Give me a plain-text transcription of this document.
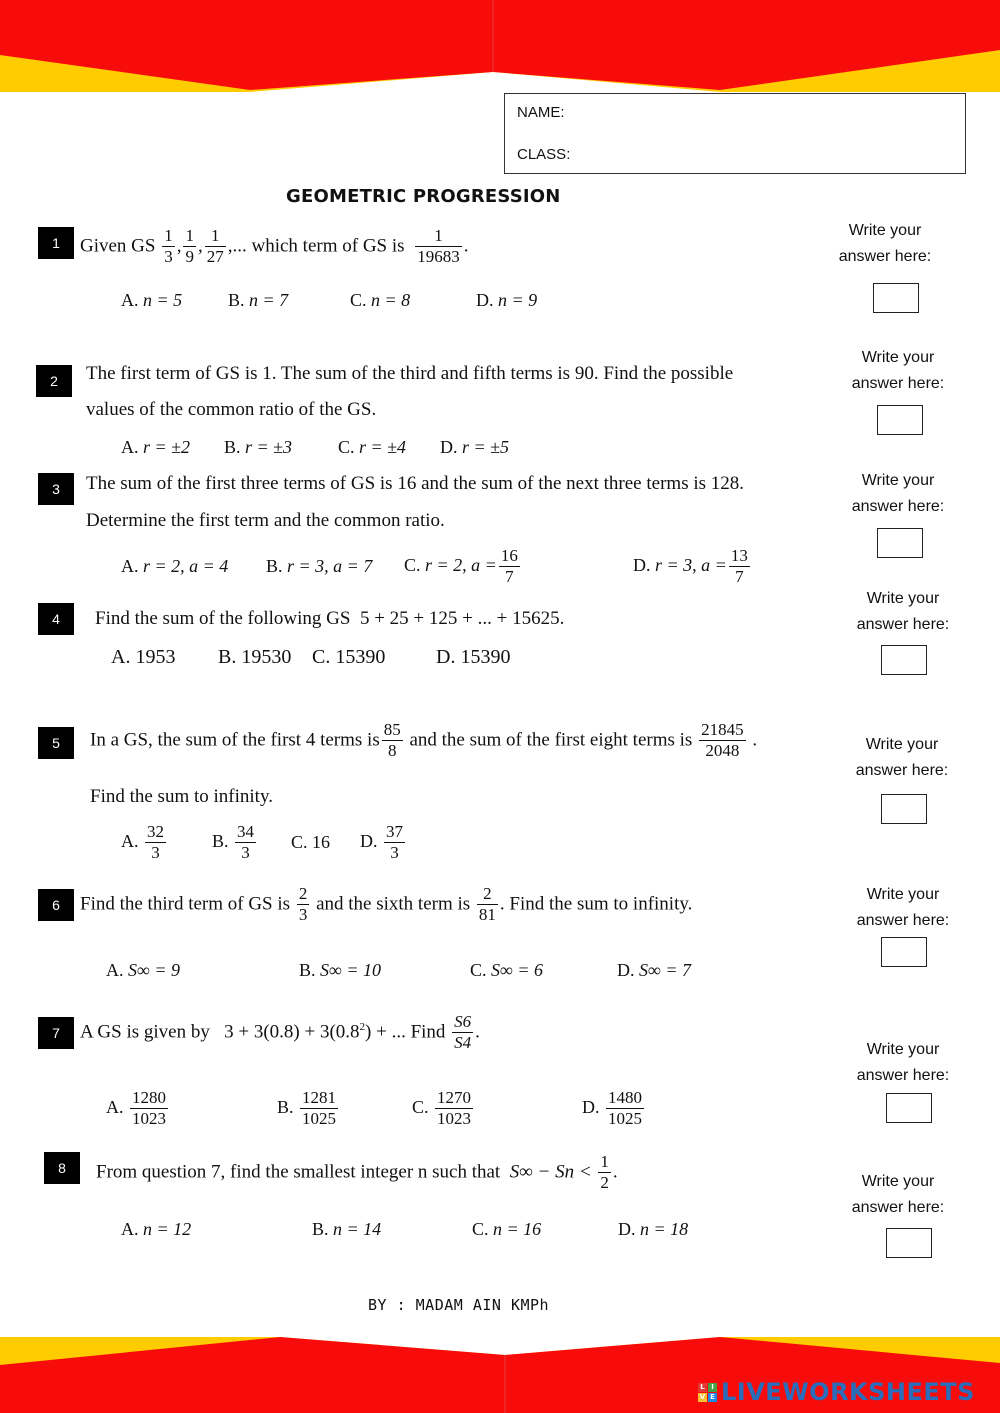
NAME:
CLASS:
GEOMETRIC PROGRESSION
1	Given GS $\frac{1}{3}$ , $\frac{1}{9}$ , $\frac{1}{27}$ ,... which term of GS is $\frac{1}{19683}$ .
A. n = 5	B. n = 7	C. n = 8	D. n = 9
Write your
answer here:
2	The first term of GS is 1. The sum of the third and fifth terms is 90. Find the possible
values of the common ratio of the GS.
A. r = ±2 B. r = ±3	C. r = ±4 D. r = ±5
Write your
answer here:
3	The sum of the first three terms of GS is 16 and the sum of the next three terms is 128.
Determine the first term and the common ratio.
A. r = 2, a = 4 B. r = 3, a = 7 C. r = 2, $a = \frac{16}{7}$	D. r = 3, $a = \frac{13}{7}$
Write your
answer here:
4	Find the sum of the following GS 5 + 25 + 125 + ... + 15625.
A. 1953 B. 19530 C. 15390	D. 15390
Write your
answer here:
5	In a GS, the sum of the first 4 terms is $\frac{85}{8}$ and the sum of the first eight terms is $\frac{21845}{2048}$ .
Find the sum to infinity.
A. $\frac{32}{3}$	B. $\frac{34}{3} C$. 16 D. $\frac{37}{3}$
Write your
answer here:
6	Find the third term of GS is $\frac{2}{3}$ and the sixth term is $\frac{2}{81}$ . Find the sum to infinity.
A. S∞ = 9	B. S∞ = 10	C. S∞ = 6	D. S∞ = 7
Write your
answer here:
7	A GS is given by $3 + 3(0.8) + 3(0.8^2)$ + ... Find $\frac{S6}{S4}$ .
A. $\frac{1280}{1023}$	B. $\frac{1281}{1025}$	C. $\frac{1270}{1023}$	D. $\frac{1480}{1025}$
Write your
answer here:
8	From question 7, find the smallest integer n such that $S\infty - Sn < \frac{1}{2}$ .
A. n = 12	B. n = 14	C. n = 16	D. n = 18
Write your
answer here:
BY : MADAM AIN KMPh
L I
V E LIVEWORKSHEETS
